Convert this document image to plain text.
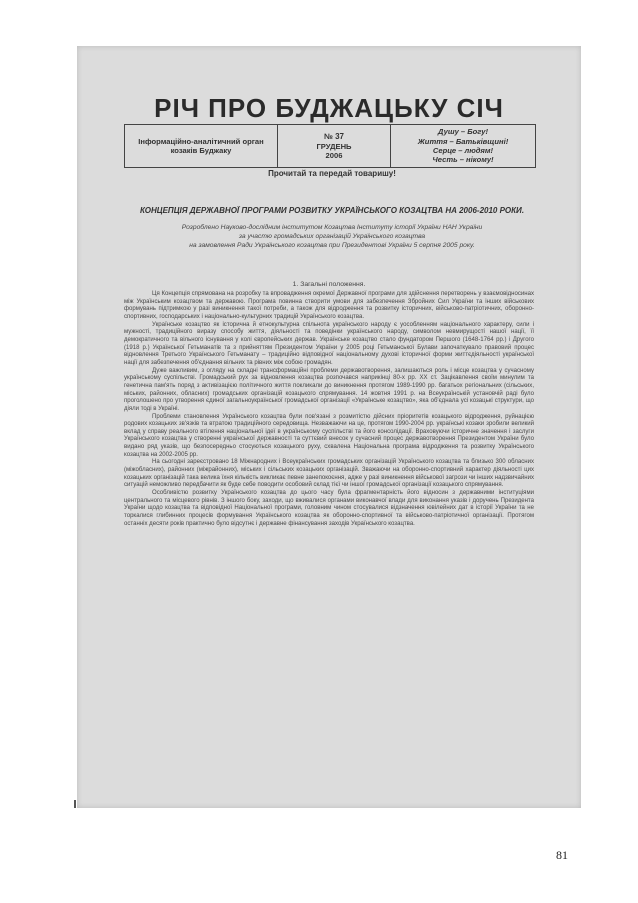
РІЧ ПРО БУДЖАЦЬКУ СІЧ
Інформаційно-аналітичний орган козаків Буджаку
№ 37
ГРУДЕНЬ
2006
Душу – Богу!
Життя – Батьківщині!
Серце – людям!
Честь – нікому!
Прочитай та передай товаришу!
КОНЦЕПЦІЯ ДЕРЖАВНОЇ ПРОГРАМИ РОЗВИТКУ УКРАЇНСЬКОГО КОЗАЦТВА НА 2006-2010 РОКИ.
Розроблено Науково-дослідним інститутом Козацтва Інституту історії України НАН України
за участю громадських організацій Українського козацтва
на замовлення Ради Українського козацтва при Президентові України 5 серпня 2005 року.
1. Загальні положення.

Ця Концепція спрямована на розробку та впровадження окремої Державної програми для здійснення перетворень у взаємовідносинах між Українським козацтвом та державою. Програма повинна створити умови для забезпечення Збройних Сил України та інших військових формувань підтримкою у разі виникнення такої потреби, а також для відродження та розвитку історичних, військово-патріотичних, оборонно-спортивних, господарських і національно-культурних традицій Українського козацтва.

Українське козацтво як історична й етнокультурна спільнота українського народу є уособленням національного характеру, сили і мужності, традиційного виразу способу життя, діяльності та поведінки українського народу, символом невмирущості нашої нації, її демократичного та вільного існування у колі європейських держав. Українське козацтво стало фундатором Першого (1648-1764 рр.) і Другого (1918 р.) Української Гетьманатів та з прийняттям Президентом України у 2005 році Гетьманської Булави започаткувало правовий процес відновлення Третього Українського Гетьманату – традиційно відповідної національному духові історичної форми життєдіяльності української нації для забезпечення об'єднання вільних та рівних між собою громадян.

Дуже важливим, з огляду на складні трансформаційні проблеми державотворення, залишаються роль і місце козацтва у сучасному українському суспільстві. Громадський рух за відновлення козацтва розпочався наприкінці 80-х рр. ХХ ст. Зацікавлення своїм минулим та генетична пам'ять поряд з активізацією політичного життя покликали до виникнення протягом 1989-1990 рр. багатьох регіональних (сільських, міських, районних, обласних) громадських організацій козацького спрямування. 14 жовтня 1991 р. на Всеукраїнській установчій раді було проголошено про утворення єдиної загальноукраїнської громадської організації «Українське козацтво», яка об'єднала усі козацькі структури, що діяли тоді в Україні.

Проблеми становлення Українського козацтва були пов'язані з розмитістю дійсних пріоритетів козацького відродження, руйнацією родових козацьких зв'язків та втратою традиційного середовища. Незважаючи на це, протягом 1990-2004 рр. українські козаки зробили великий вклад у справу реального втілення національної ідеї в українському суспільстві та його консолідації. Враховуючи історичне значення і заслуги Українського козацтва у створенні української державності та суттєвий внесок у сучасний процес державотворення Президентом України було видано ряд указів, що безпосередньо стосуються козацького руху, схвалена Національна програма відродження та розвитку Українського козацтва на 2002-2005 рр.

На сьогодні зареєстровано 18 Міжнародних і Всеукраїнських громадських організацій Українського козацтва та близько 300 обласних (міжобласних), районних (міжрайонних), міських і сільських козацьких організацій. Зважаючи на оборонно-спортивний характер діяльності цих козацьких організацій така велика їхня кількість викликає певне занепокоєння, адже у разі виникнення військової загрози чи інших надзвичайних ситуацій неможливо передбачити як буде себе поводити особовий склад тієї чи іншої громадської організації козацького спрямування.

Особливістю розвитку Українського козацтва до цього часу була фрагментарність його відносин з державними інституціями центрального та місцевого рівнів. З іншого боку, заходи, що вживалися органами виконавчої влади для виконання указів і доручень Президента України щодо козацтва та відповідної Національної програми, головним чином стосувалися відзначення ювілейних дат в історії України та не торкалися глибинних процесів формування Українського козацтва як оборонно-спортивної та військово-патріотичної організації. Протягом останніх десяти років практично було відсутнє і державне фінансування заходів Українського козацтва.

81
